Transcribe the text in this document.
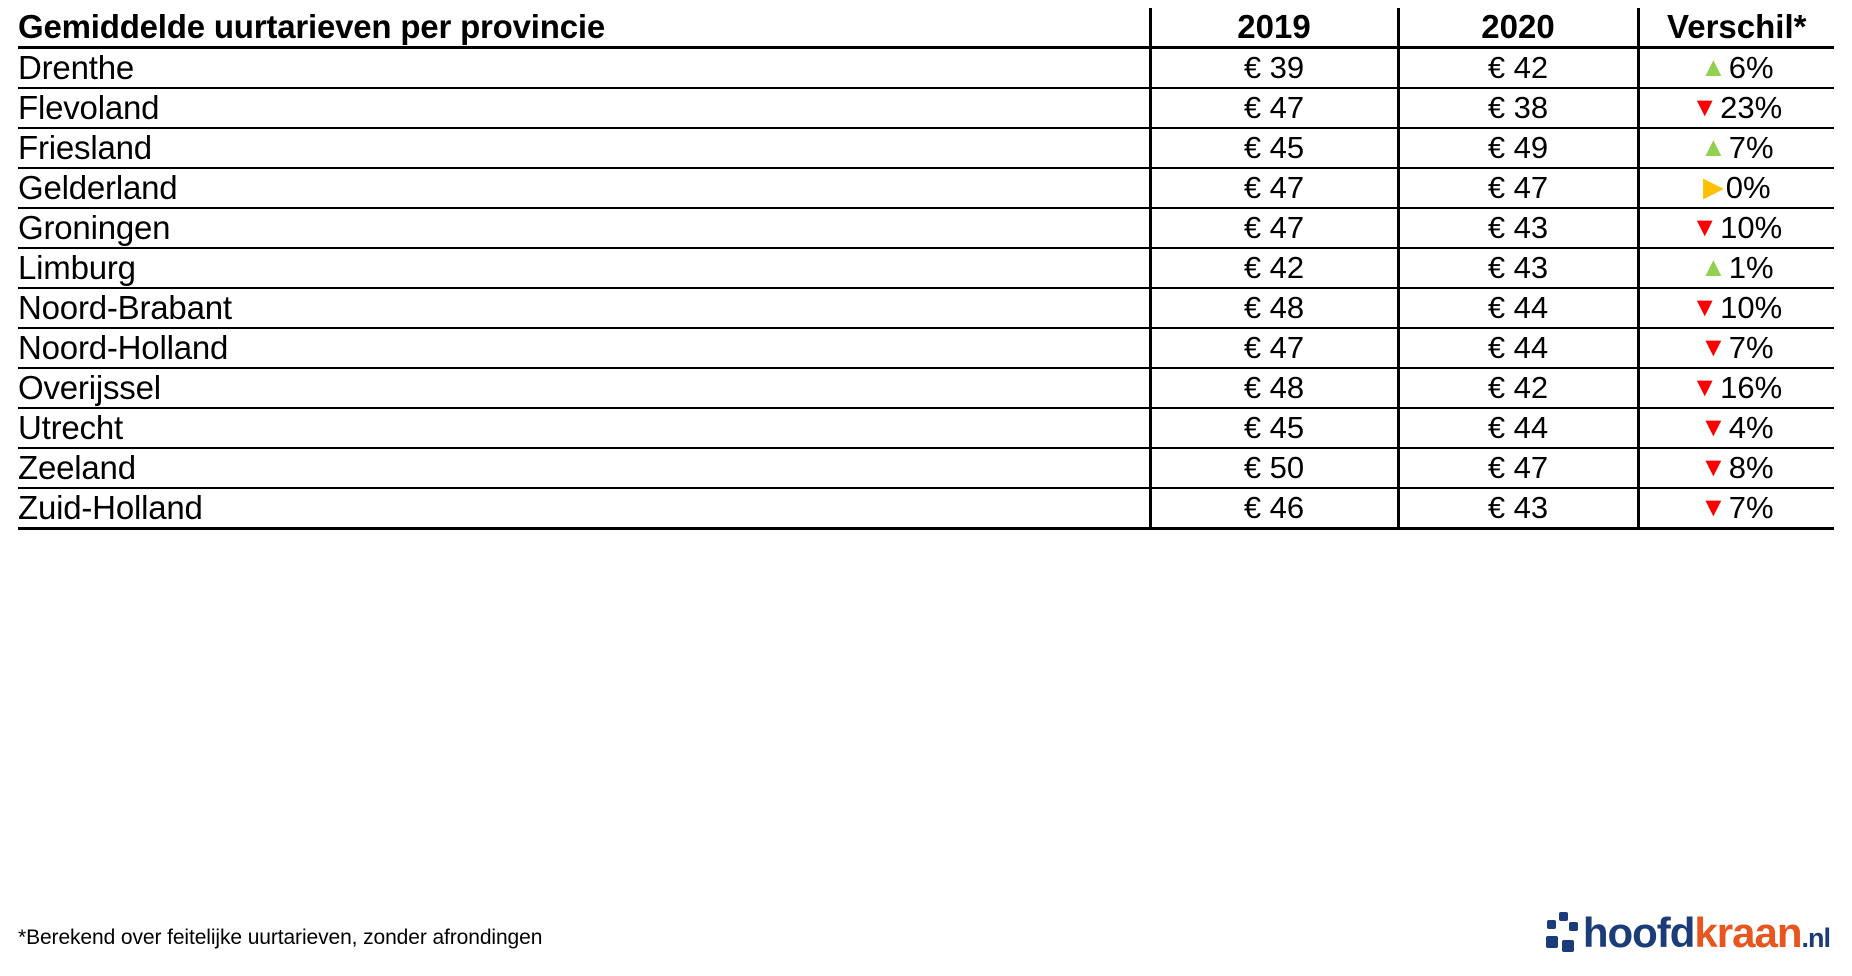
Gemiddelde uurtarieven per provincie	2019	2020	Verschil*
Drenthe	€ 39	€ 42	▲6%
Flevoland	€ 47	€ 38	▼23%
Friesland	€ 45	€ 49	▲7%
Gelderland	€ 47	€ 47	▶0%
Groningen	€ 47	€ 43	▼10%
Limburg	€ 42	€ 43	▲1%
Noord-Brabant	€ 48	€ 44	▼10%
Noord-Holland	€ 47	€ 44	▼7%
Overijssel	€ 48	€ 42	▼16%
Utrecht	€ 45	€ 44	▼4%
Zeeland	€ 50	€ 47	▼8%
Zuid-Holland	€ 46	€ 43	▼7%
*Berekend over feitelijke uurtarieven, zonder afrondingen	hoofdkraan.nl
